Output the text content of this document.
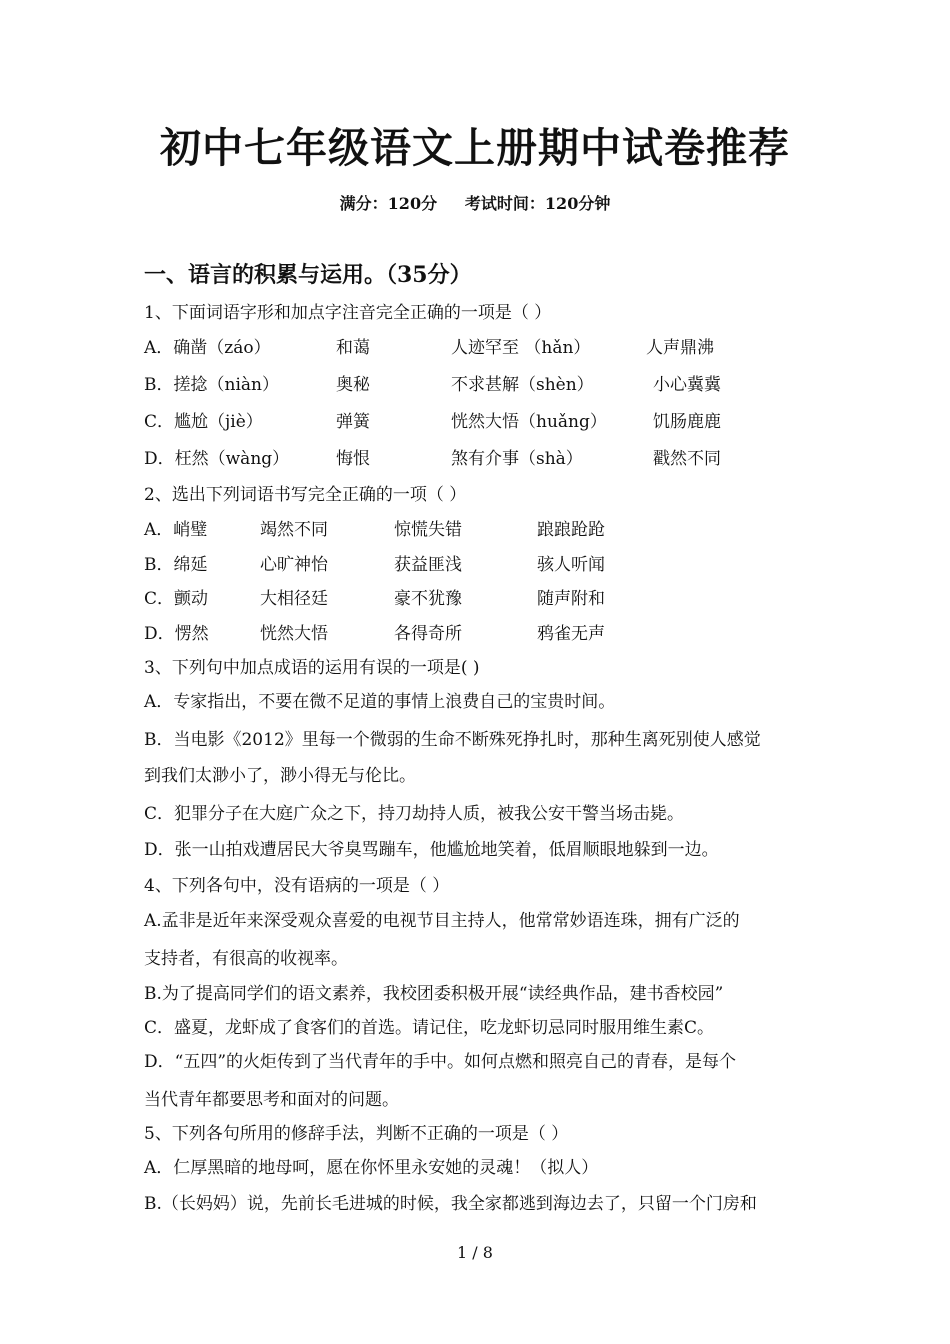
初中七年级语文上册期中试卷推荐
满分：120分     考试时间：120分钟
一、语言的积累与运用。（35分）
1、下面词语字形和加点字注音完全正确的一项是（ ）
A．确凿（záo）	和蔼	人迹罕至 （hǎn）	人声鼎沸
B．搓捻（niàn）	奥秘	不求甚解（shèn）	小心冀冀
C．尴尬（jiè）	弹簧	恍然大悟（huǎng）	饥肠鹿鹿
D．枉然（wàng）	悔恨	煞有介事（shà）	戳然不同
2、选出下列词语书写完全正确的一项（ ）
A．峭璧	竭然不同	惊慌失错	踉踉跄跄
B．绵延	心旷神怡	获益匪浅	骇人听闻
C．颤动	大相径廷	豪不犹豫	随声附和
D．愣然	恍然大悟	各得奇所	鸦雀无声
3、下列句中加点成语的运用有误的一项是( )
A．专家指出，不要在微不足道的事情上浪费自己的宝贵时间。
B．当电影《2012》里每一个微弱的生命不断殊死挣扎时，那种生离死别使人感觉
到我们太渺小了，渺小得无与伦比。
C．犯罪分子在大庭广众之下，持刀劫持人质，被我公安干警当场击毙。
D．张一山拍戏遭居民大爷臭骂蹦车，他尴尬地笑着，低眉顺眼地躲到一边。
4、下列各句中，没有语病的一项是（ ）
A.孟非是近年来深受观众喜爱的电视节目主持人，他常常妙语连珠，拥有广泛的
支持者，有很高的收视率。
B.为了提高同学们的语文素养，我校团委积极开展“读经典作品，建书香校园”
C．盛夏，龙虾成了食客们的首选。请记住，吃龙虾切忌同时服用维生素C。
D．“五四”的火炬传到了当代青年的手中。如何点燃和照亮自己的青春，是每个
当代青年都要思考和面对的问题。
5、下列各句所用的修辞手法，判断不正确的一项是（ ）
A．仁厚黑暗的地母呵，愿在你怀里永安她的灵魂！（拟人）
B.（长妈妈）说，先前长毛进城的时候，我全家都逃到海边去了，只留一个门房和
1 / 8
